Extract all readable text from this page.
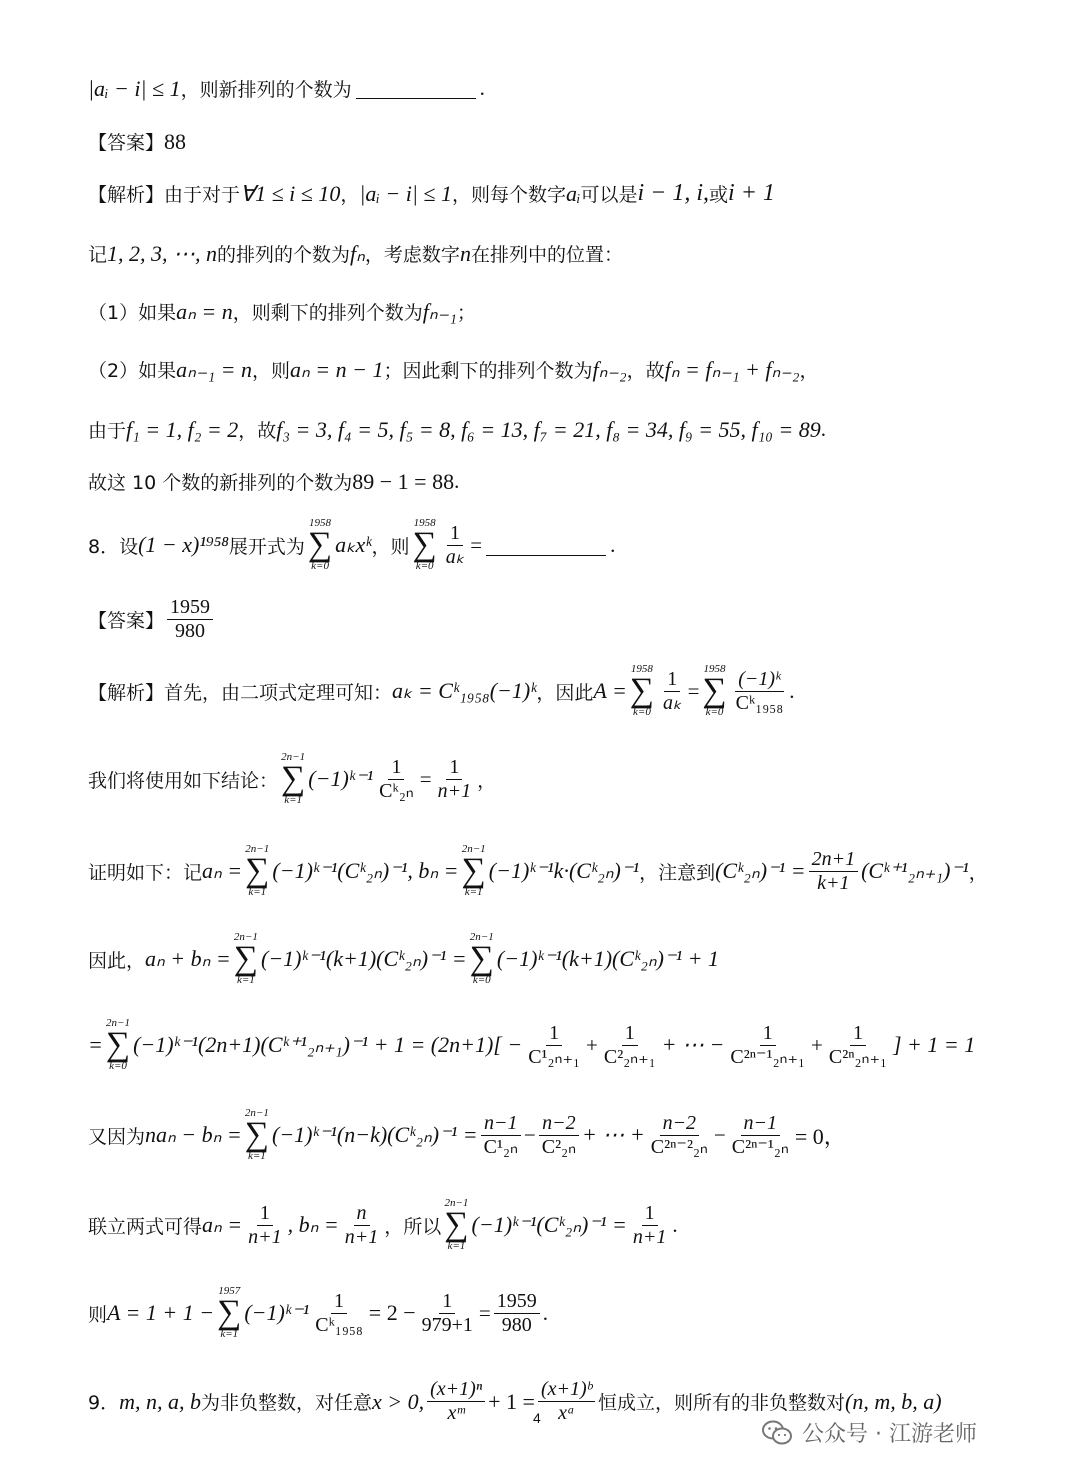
|aᵢ − i| ≤ 1 ，则新排列的个数为	.
【答案】 88
【解析】 由于对于 ∀1 ≤ i ≤ 10 ， |aᵢ − i| ≤ 1 ，则每个数字 aᵢ 可以是 i − 1, i, 或 i + 1
记 1, 2, 3, ⋯, n 的排列的个数为 fₙ ，考虑数字 n 在排列中的位置：
（1）如果 aₙ = n ，则剩下的排列个数为 fₙ₋₁ ；
（2）如果 aₙ₋₁ = n ，则 aₙ = n − 1 ；因此剩下的排列个数为 fₙ₋₂ ，故 fₙ = fₙ₋₁ + fₙ₋₂ ，
由于 f₁ = 1, f₂ = 2 ，故 f₃ = 3, f₄ = 5, f₅ = 8, f₆ = 13, f₇ = 21, f₈ = 34, f₉ = 55, f₁₀ = 89 .
故这 10 个数的新排列的个数为 89 − 1 = 88 .
8．设 (1 − x)¹⁹⁵⁸ 展开式为
1958
∑
k=0
aₖxᵏ ，则
1958
∑
$k=0 \frac{1}{\text{aₖ}}$ =	.
【答案】 $\frac{1959}{980}$
【解析】 首先，由二项式定理可知： aₖ = Cᵏ₁₉₅₈(−1)ᵏ ，因此 A =
1958
∑
$k=0 \frac{1}{\text{aₖ}}$ =
1958
∑
$k=0 \frac{\text{(−1)ᵏ}}{\text{Cᵏ₁₉₅₈}}$ .
我们将使用如下结论：
2n−1
∑
k=1
(−1)ᵏ⁻¹ $\frac{1}{\text{Cᵏ₂ₙ}} = \frac{1}{n+1}$ ，
证明如下：记 aₙ =
2n−1
∑
k=1
(−1)ᵏ⁻¹(Cᵏ₂ₙ)⁻¹, bₙ =
2n−1
∑
k=1
(−1)ᵏ⁻¹k·(Cᵏ₂ₙ)⁻¹ ，注意到 (Cᵏ₂ₙ)⁻¹ = $\frac{2n+1}{k+1}$ (Cᵏ⁺¹₂ₙ₊₁)⁻¹ ，
因此， aₙ + bₙ =
2n−1
∑
k=1
(−1)ᵏ⁻¹(k+1)(Cᵏ₂ₙ)⁻¹ =
2n−1
∑
k=0
(−1)ᵏ⁻¹(k+1)(Cᵏ₂ₙ)⁻¹ + 1
=
2n−1
∑
k=0
(−1)ᵏ⁻¹(2n+1)(Cᵏ⁺¹₂ₙ₊₁)⁻¹ + $1 = (2n+1)[ - \frac{1}{\text{C¹₂ₙ₊₁}} + \frac{1}{\text{C²₂ₙ₊₁}}$ + ⋯ − $\frac{1}{\text{C²ⁿ⁻¹₂ₙ₊₁}} + \frac{1}{\text{C²ⁿ₂ₙ₊₁}}$ ] + 1 = 1
又因为 naₙ − bₙ =
2n−1
∑
k=1
(−1)ᵏ⁻¹(n−k)(Cᵏ₂ₙ)⁻¹ = $\frac{n-1}{\text{C¹₂ₙ}} - \frac{n-2}{\text{C²₂ₙ}}$ + ⋯ + $\frac{n-2}{\text{C²ⁿ⁻²₂ₙ}} - \frac{n-1}{\text{C²ⁿ⁻¹₂ₙ}} = 0$，
联立两式可得 $a_n = \frac{1}{n+1}$ , $b_n = \frac{n}{n+1}$ ，所以
2n−1
∑
k=1
(−1)ᵏ⁻¹(Cᵏ₂ₙ)⁻¹ = $\frac{1}{n+1}$ .
则 A = 1 + 1 −
1957
∑
k=1
(−1)ᵏ⁻¹ $\frac{1}{\text{Cᵏ₁₉₅₈}} = 2 - \frac{1}{979+1} = \frac{1959}{980}$ .
9． m, n, a, b 为非负整数，对任意 x > 0, $\frac{\text{(x+1)ⁿ}}{\text{xᵐ}} + 1 = \frac{\text{(x+1)ᵇ}}{\text{xᵃ}}$ 恒成立，则所有的非负整数对 (n, m, b, a)
4
公众号 · 江游老师
